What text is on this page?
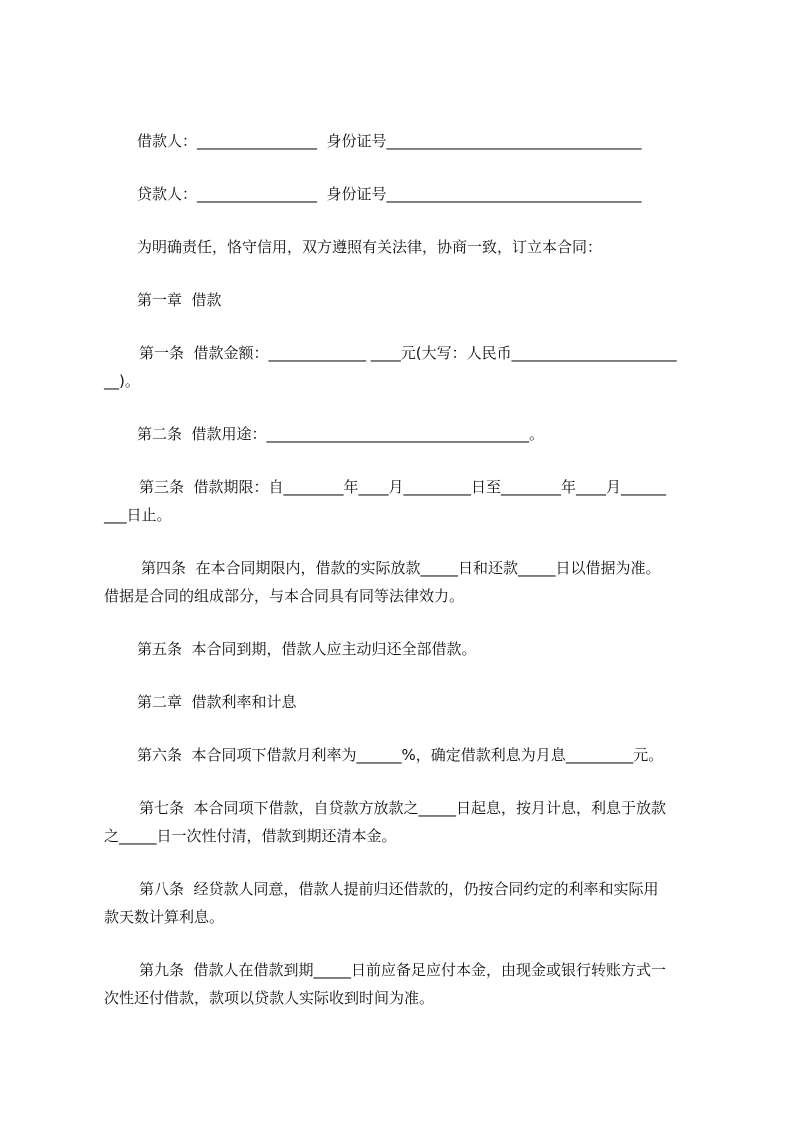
借款人：________________  身份证号__________________________________
贷款人：________________  身份证号__________________________________
为明确责任，恪守信用，双方遵照有关法律，协商一致，订立本合同：
第一章  借款
第一条  借款金额：_____________ ____元(大写：人民币______________________
__)。
第二条  借款用途：___________________________________。
第三条  借款期限：自________年____月_________日至________年____月______
___日止。
第四条  在本合同期限内，借款的实际放款_____日和还款_____日以借据为准。
借据是合同的组成部分，与本合同具有同等法律效力。
第五条  本合同到期，借款人应主动归还全部借款。
第二章  借款利率和计息
第六条  本合同项下借款月利率为______%，确定借款利息为月息_________元。
第七条  本合同项下借款，自贷款方放款之_____日起息，按月计息，利息于放款
之_____日一次性付清，借款到期还清本金。
第八条  经贷款人同意，借款人提前归还借款的，仍按合同约定的利率和实际用
款天数计算利息。
第九条  借款人在借款到期_____日前应备足应付本金，由现金或银行转账方式一
次性还付借款，款项以贷款人实际收到时间为准。
